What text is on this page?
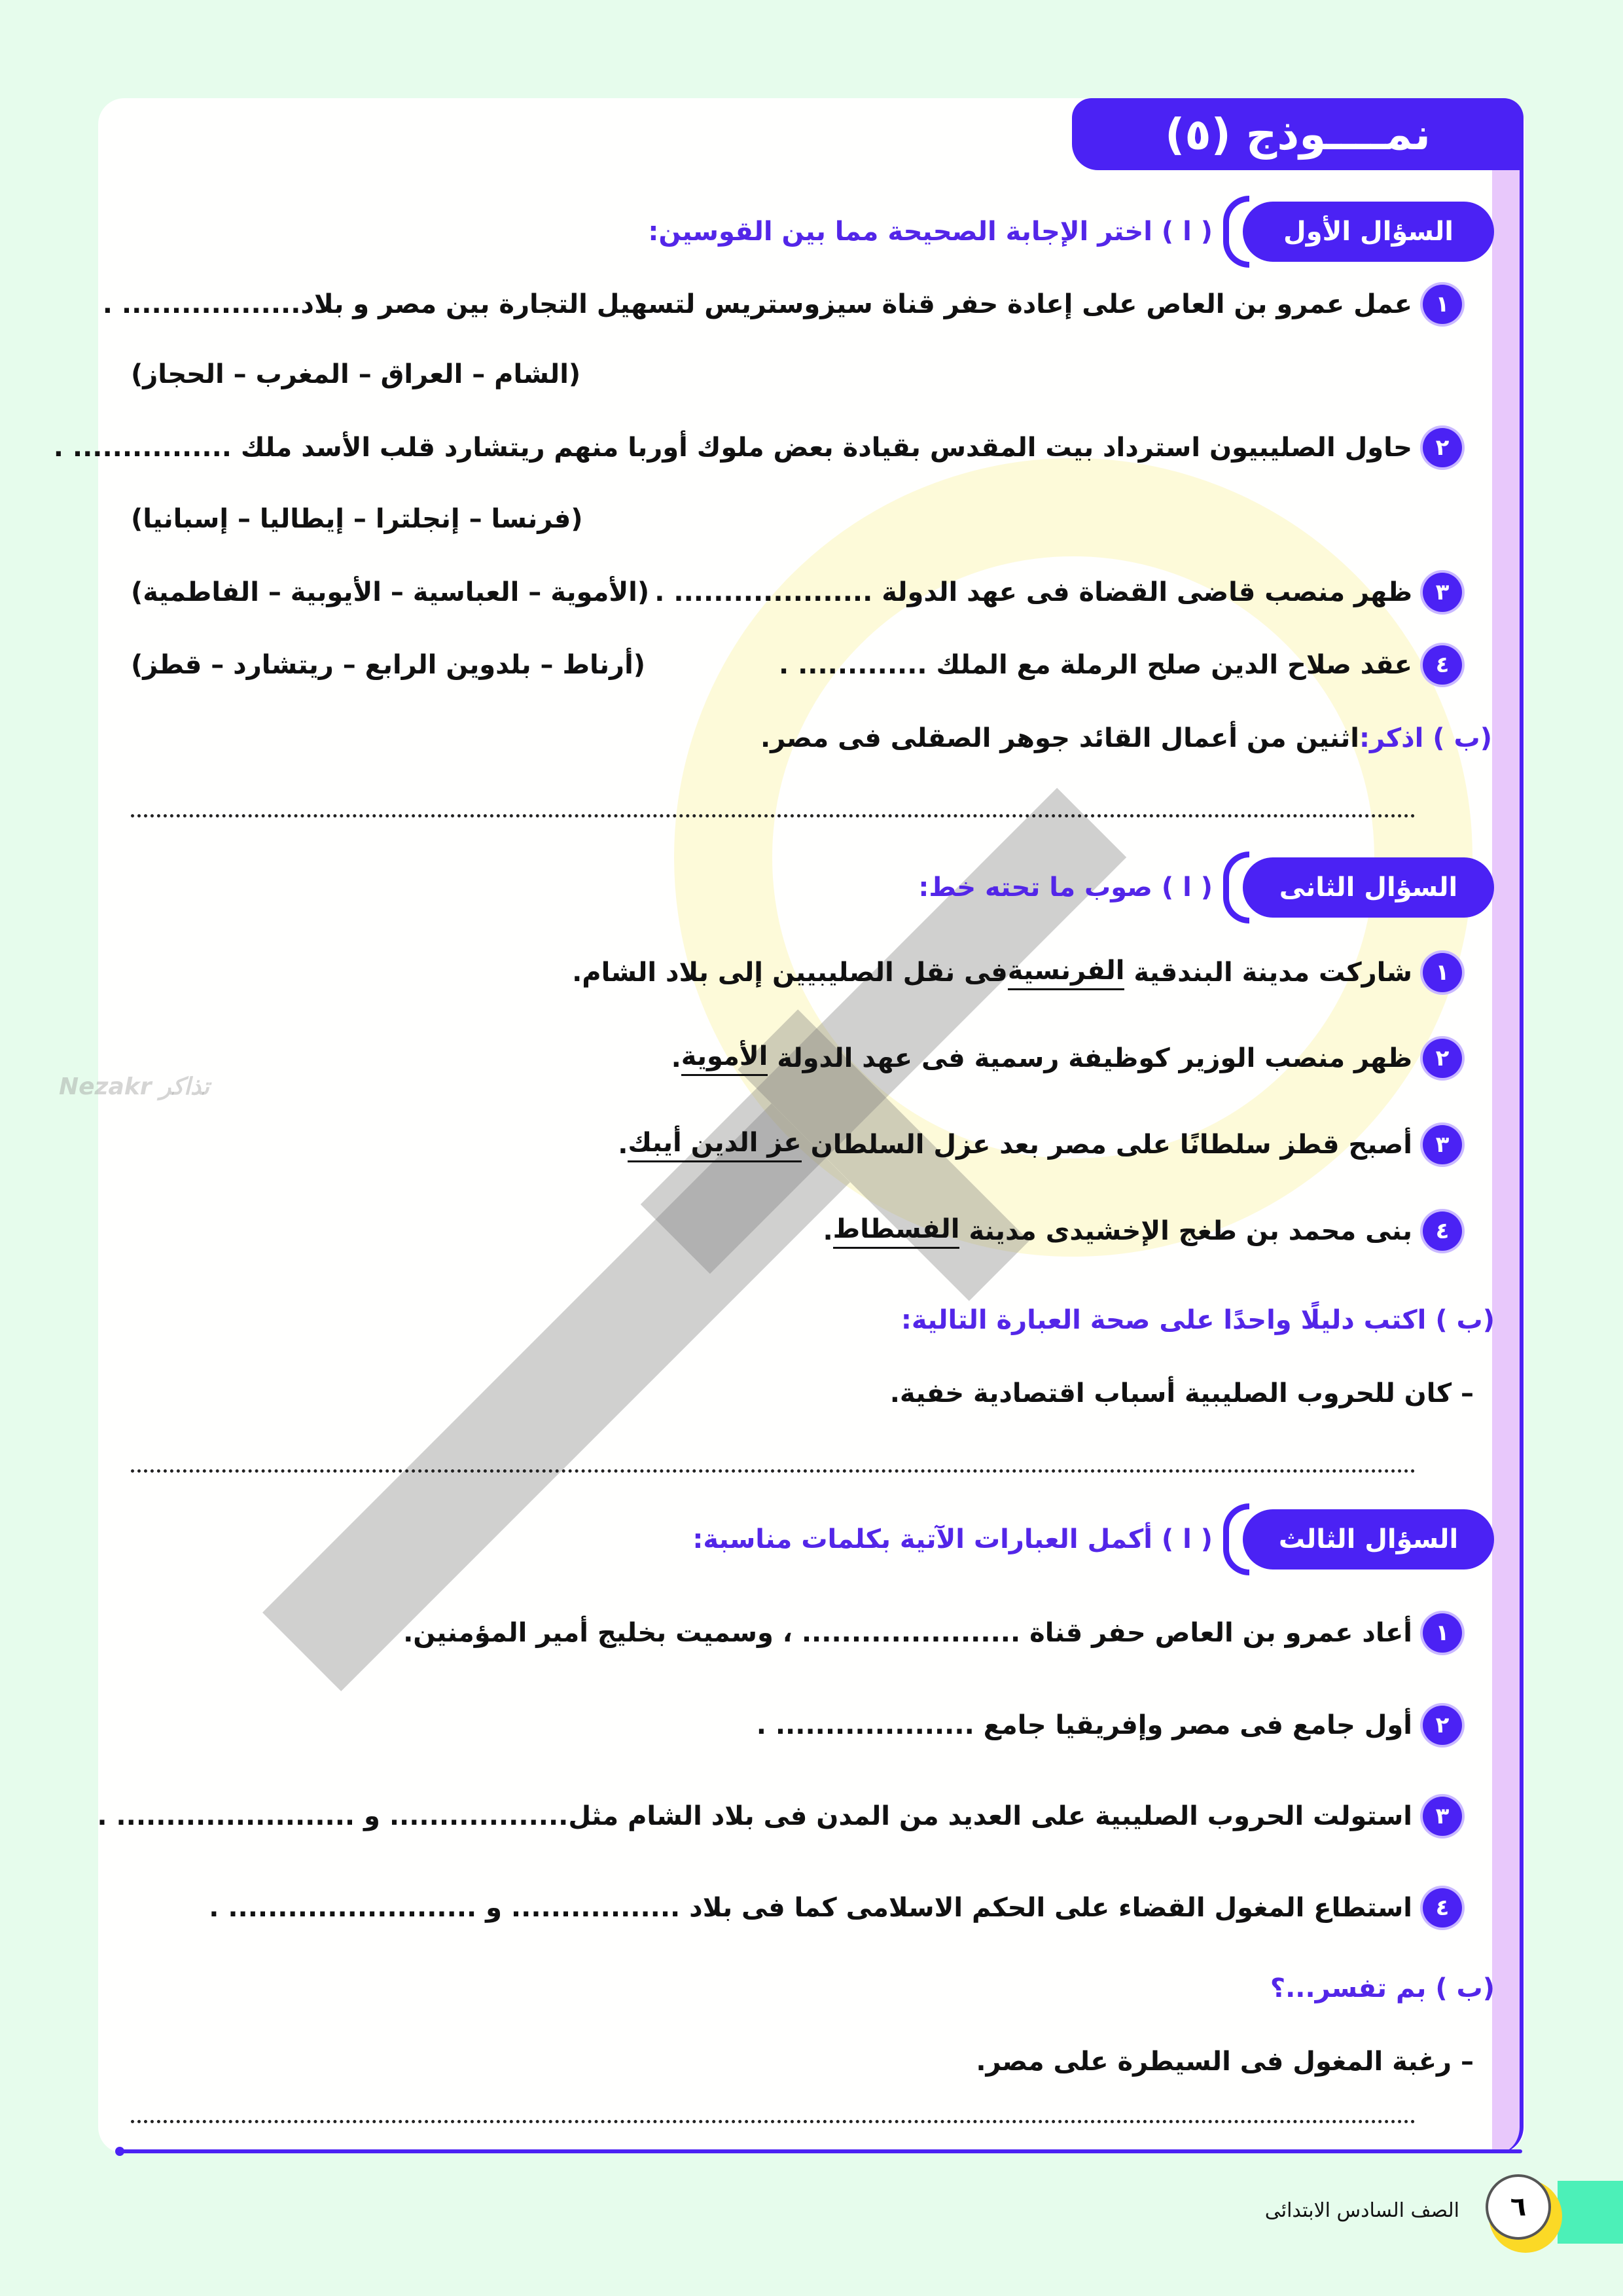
Nezakr تذاكر
نمــــوذج (٥)
السؤال الأول
( ا ) اختر الإجابة الصحيحة مما بين القوسين:
١
عمل عمرو بن العاص على إعادة حفر قناة سيزوستريس لتسهيل التجارة بين مصر و بلاد.................. .
(الشام – العراق – المغرب – الحجاز)
٢
حاول الصليبيون استرداد بيت المقدس بقيادة بعض ملوك أوربا منهم ريتشارد قلب الأسد ملك ................ .
(فرنسا – إنجلترا – إيطاليا – إسبانيا)
٣
ظهر منصب قاضى القضاة فى عهد الدولة .................... .
(الأموية – العباسية – الأيوبية – الفاطمية)
٤
عقد صلاح الدين صلح الرملة مع الملك ............. .
(أرناط – بلدوين الرابع – ريتشارد – قطز)
(ب ) اذكر:
اثنين من أعمال القائد جوهر الصقلى فى مصر.
السؤال الثانى
( ا ) صوب ما تحته خط:
١
شاركت مدينة البندقية

الفرنسية
فى نقل الصليبيين إلى بلاد الشام.
٢
ظهر منصب الوزير كوظيفة رسمية فى عهد الدولة

الأموية
.
٣
أصبح قطز سلطانًا على مصر بعد عزل السلطان

عز الدين أيبك
.
٤
بنى محمد بن طغج الإخشيدى مدينة

الفسطاط
.
(ب ) اكتب دليلًا واحدًا على صحة العبارة التالية:
– كان للحروب الصليبية أسباب اقتصادية خفية.
السؤال الثالث
( ا ) أكمل العبارات الآتية بكلمات مناسبة:
١
أعاد عمرو بن العاص حفر قناة ...................... ، وسميت بخليج أمير المؤمنين.
٢
أول جامع فى مصر وإفريقيا جامع .................... .
٣
استولت الحروب الصليبية على العديد من المدن فى بلاد الشام مثل.................. و ........................ .
٤
استطاع المغول القضاء على الحكم الاسلامى كما فى بلاد ................. و ......................... .
(ب ) بم تفسر...؟
– رغبة المغول فى السيطرة على مصر.
٦
الصف السادس الابتدائى
